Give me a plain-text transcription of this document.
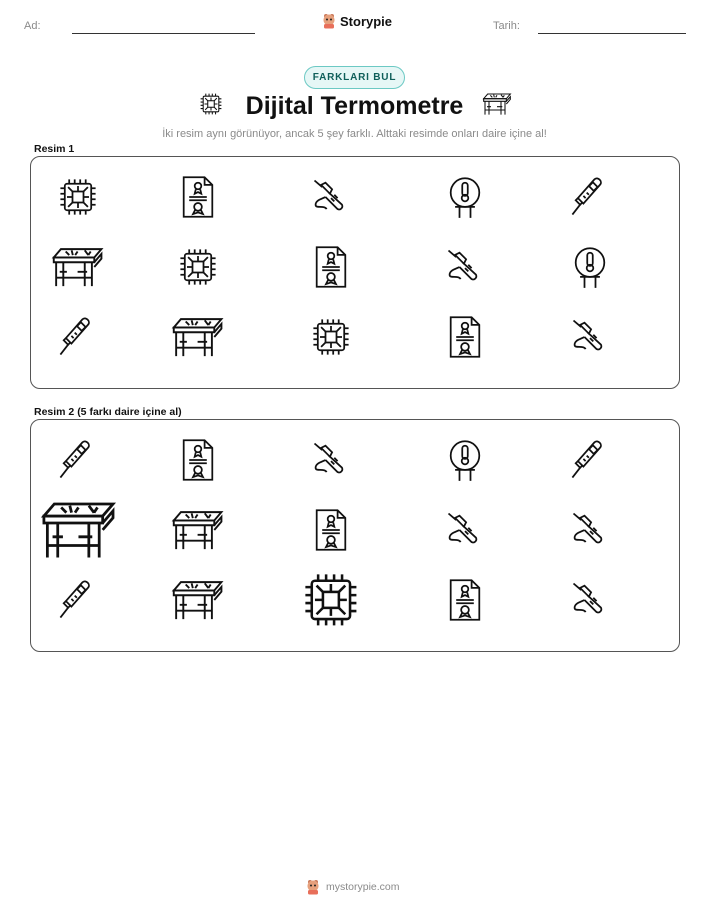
Ad:	Storypie	Tarih:
FARKLARI BUL
Dijital Termometre
İki resim aynı görünüyor, ancak 5 şey farklı. Alttaki resimde onları daire içine al!
Resim 1
Resim 2 (5 farkı daire içine al)
mystorypie.com
